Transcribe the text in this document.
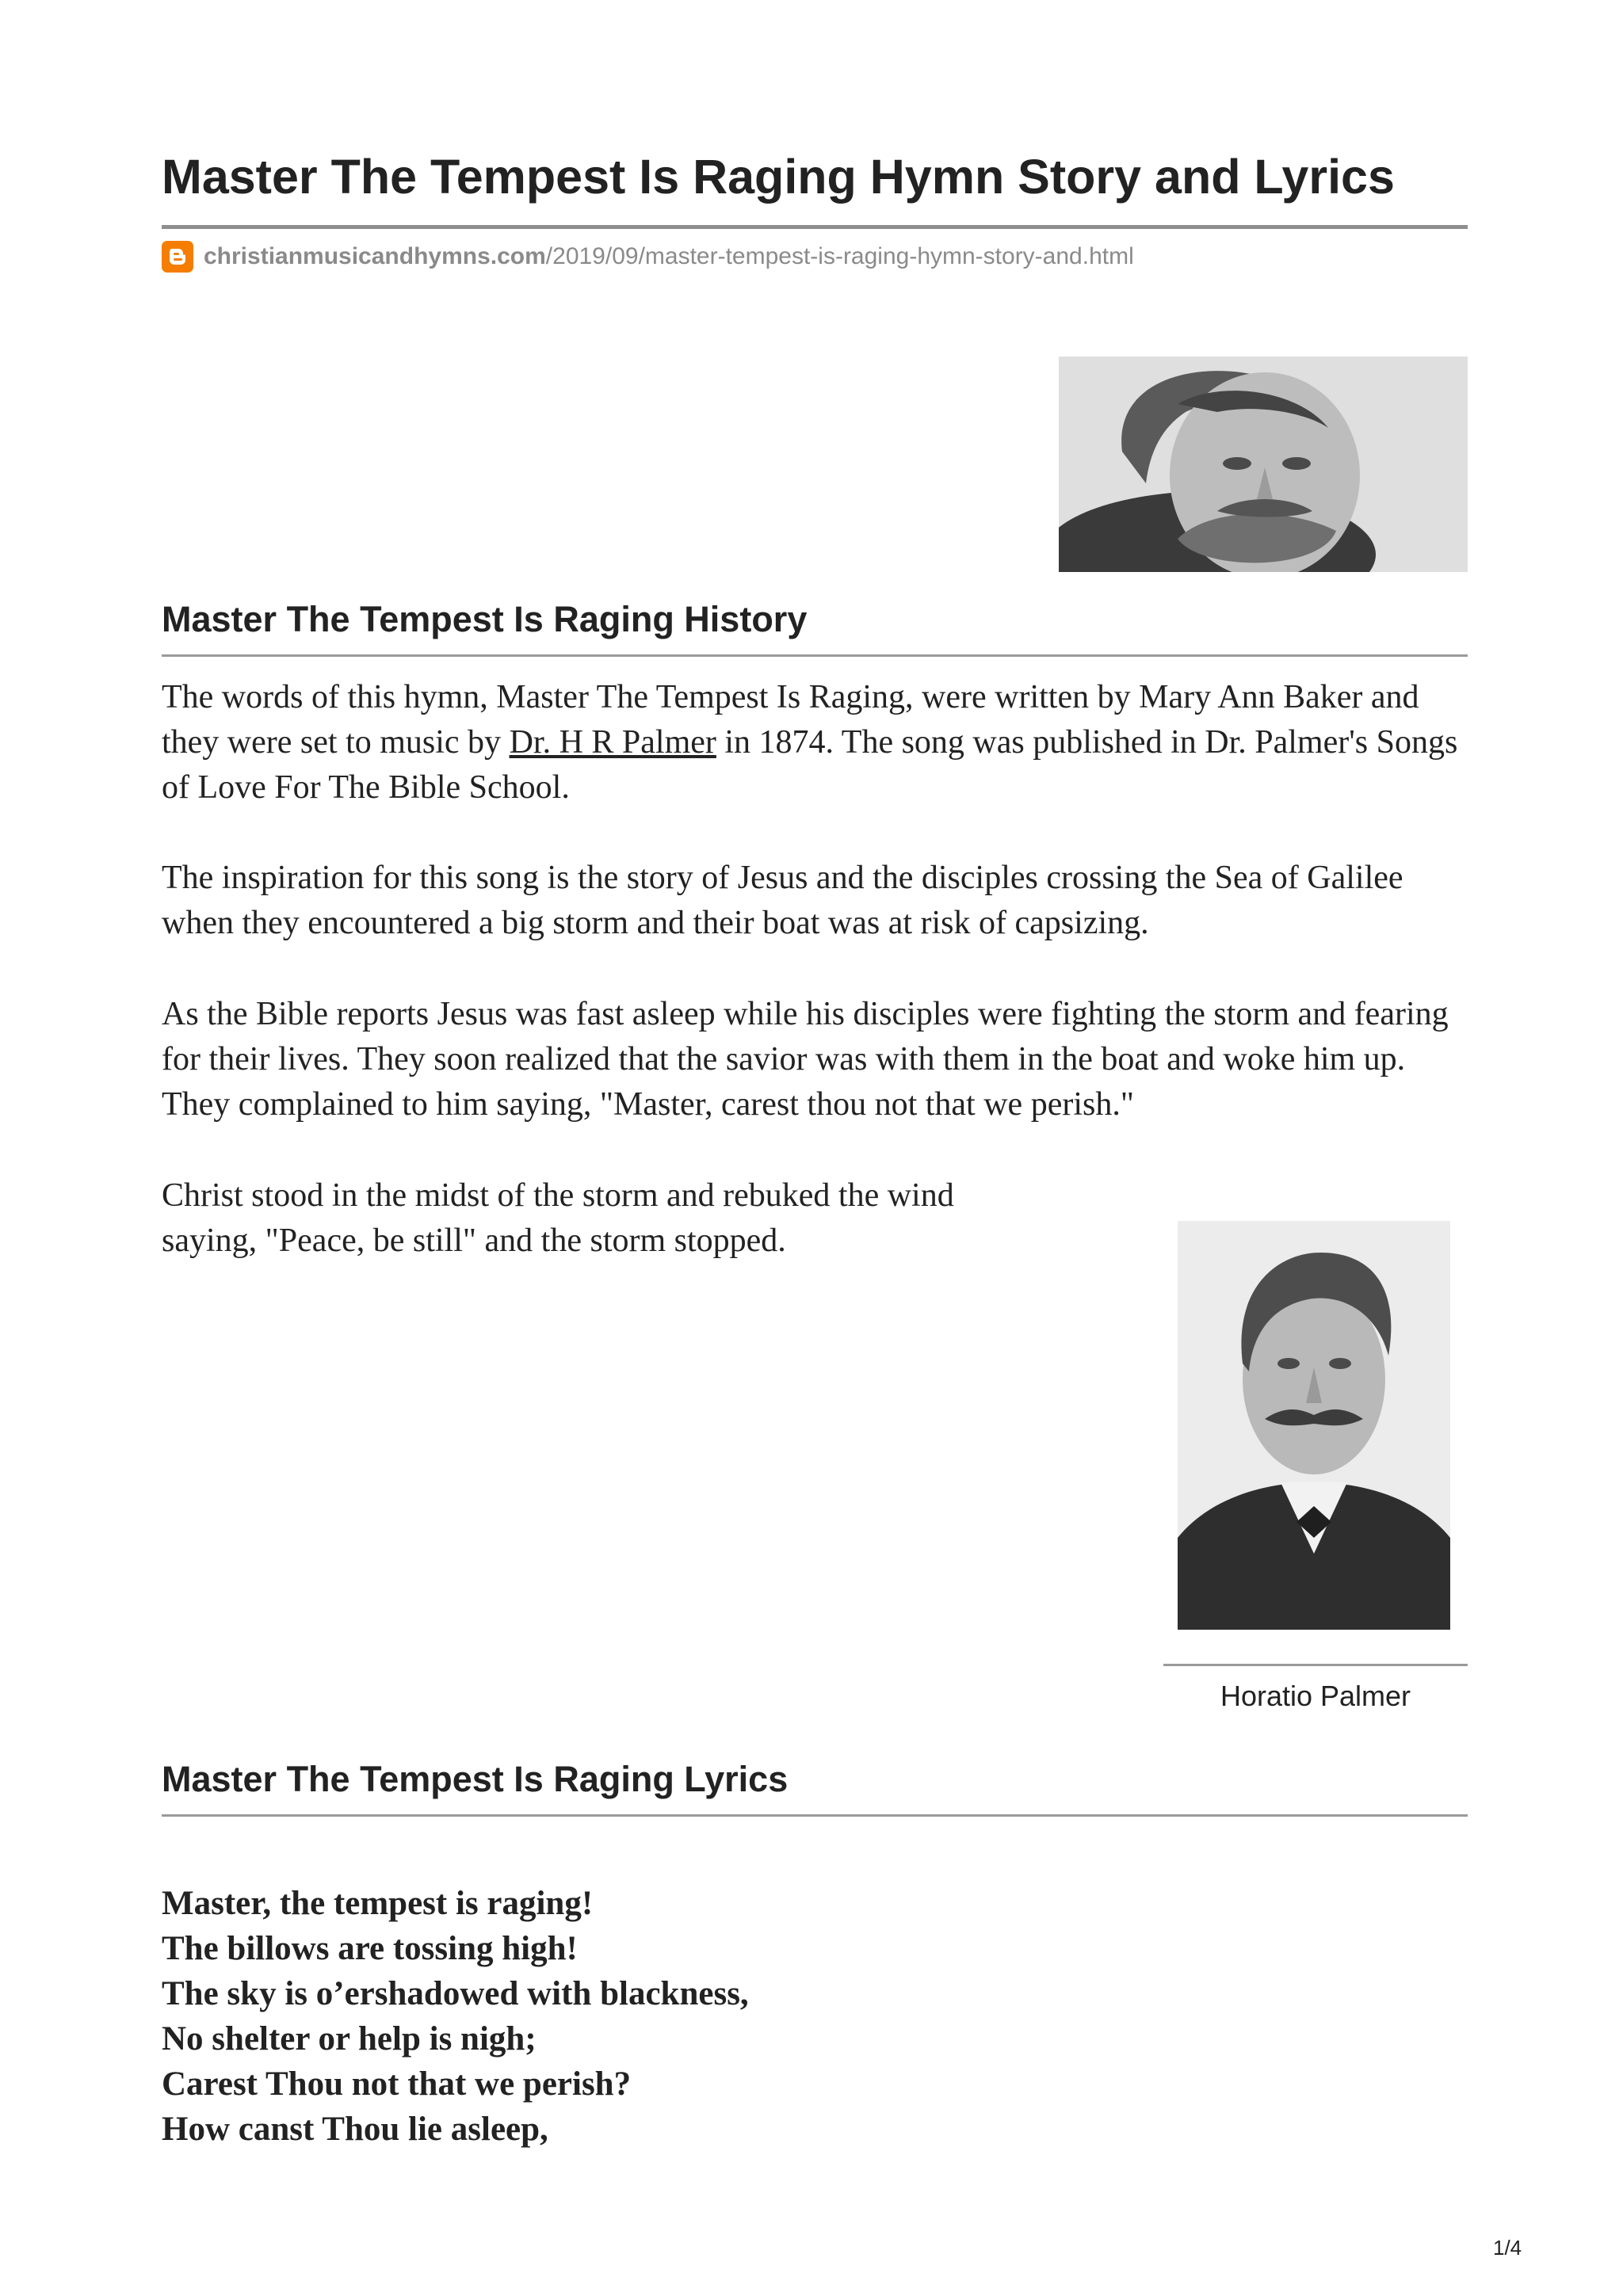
Master The Tempest Is Raging Hymn Story and Lyrics
christianmusicandhymns.com /2019/09/master-tempest-is-raging-hymn-story-and.html
Master The Tempest Is Raging History

The words of this hymn, Master The Tempest Is Raging, were written by Mary Ann Baker and they were set to music by Dr. H R Palmer in 1874. The song was published in Dr. Palmer's Songs of Love For The Bible School.

The inspiration for this song is the story of Jesus and the disciples crossing the Sea of Galilee when they encountered a big storm and their boat was at risk of capsizing.

As the Bible reports Jesus was fast asleep while his disciples were fighting the storm and fearing for their lives. They soon realized that the savior was with them in the boat and woke him up. They complained to him saying, "Master, carest thou not that we perish."

Christ stood in the midst of the storm and rebuked the wind
saying, "Peace, be still" and the storm stopped.

Horatio Palmer
Master The Tempest Is Raging Lyrics
Master, the tempest is raging!
The billows are tossing high!
The sky is o’ershadowed with blackness,
No shelter or help is nigh;
Carest Thou not that we perish?
How canst Thou lie asleep,
1/4
